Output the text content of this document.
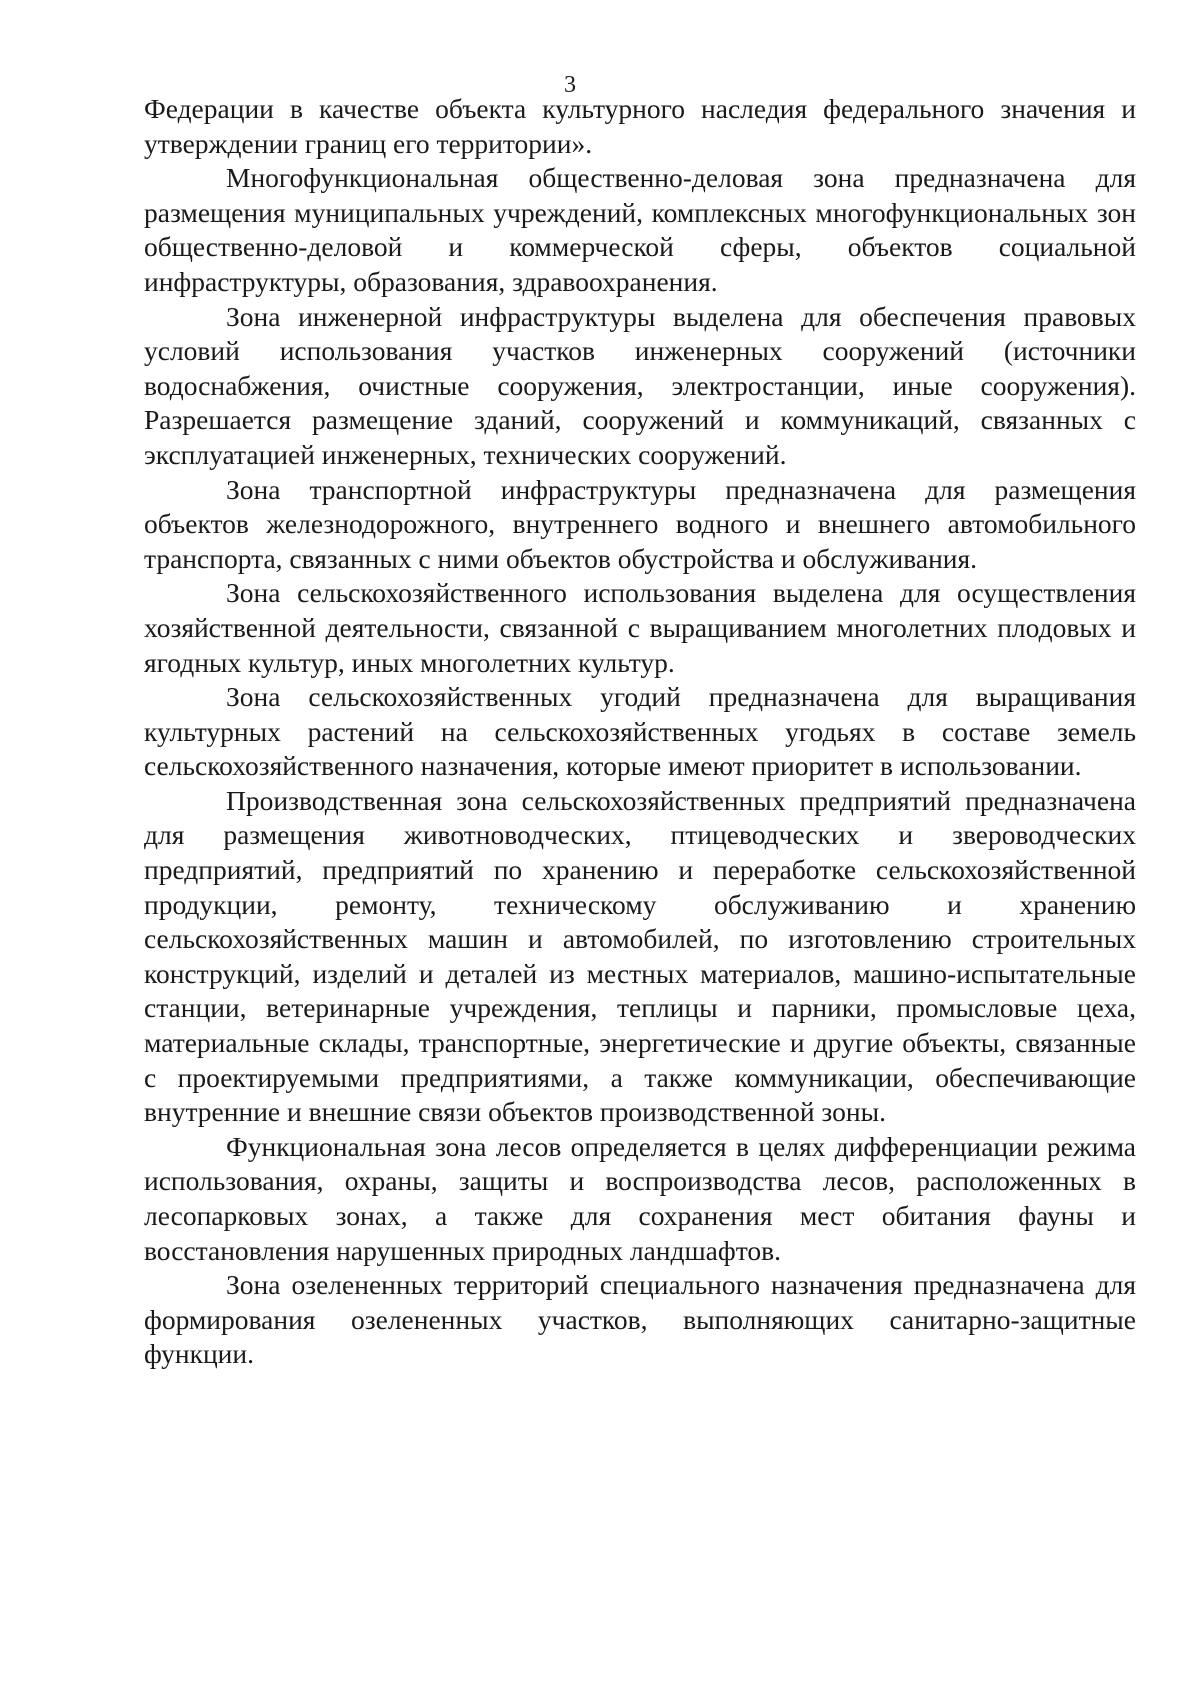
3

Федерации в качестве объекта культурного наследия федерального значения и утверждении границ его территории».

Многофункциональная общественно-деловая зона предназначена для размещения муниципальных учреждений, комплексных многофункциональных зон общественно-деловой и коммерческой сферы, объектов социальной инфраструктуры, образования, здравоохранения.

Зона инженерной инфраструктуры выделена для обеспечения правовых условий использования участков инженерных сооружений (источники водоснабжения, очистные сооружения, электростанции, иные сооружения). Разрешается размещение зданий, сооружений и коммуникаций, связанных с эксплуатацией инженерных, технических сооружений.

Зона транспортной инфраструктуры предназначена для размещения объектов железнодорожного, внутреннего водного и внешнего автомобильного транспорта, связанных с ними объектов обустройства и обслуживания.

Зона сельскохозяйственного использования выделена для осуществления хозяйственной деятельности, связанной с выращиванием многолетних плодовых и ягодных культур, иных многолетних культур.

Зона сельскохозяйственных угодий предназначена для выращивания культурных растений на сельскохозяйственных угодьях в составе земель сельскохозяйственного назначения, которые имеют приоритет в использовании.

Производственная зона сельскохозяйственных предприятий предназначена для размещения животноводческих, птицеводческих и звероводческих предприятий, предприятий по хранению и переработке сельскохозяйственной продукции, ремонту, техническому обслуживанию и хранению сельскохозяйственных машин и автомобилей, по изготовлению строительных конструкций, изделий и деталей из местных материалов, машино-испытательные станции, ветеринарные учреждения, теплицы и парники, промысловые цеха, материальные склады, транспортные, энергетические и другие объекты, связанные с проектируемыми предприятиями, а также коммуникации, обеспечивающие внутренние и внешние связи объектов производственной зоны.

Функциональная зона лесов определяется в целях дифференциации режима использования, охраны, защиты и воспроизводства лесов, расположенных в лесопарковых зонах, а также для сохранения мест обитания фауны и восстановления нарушенных природных ландшафтов.

Зона озелененных территорий специального назначения предназначена для формирования озелененных участков, выполняющих санитарно-защитные функции.
